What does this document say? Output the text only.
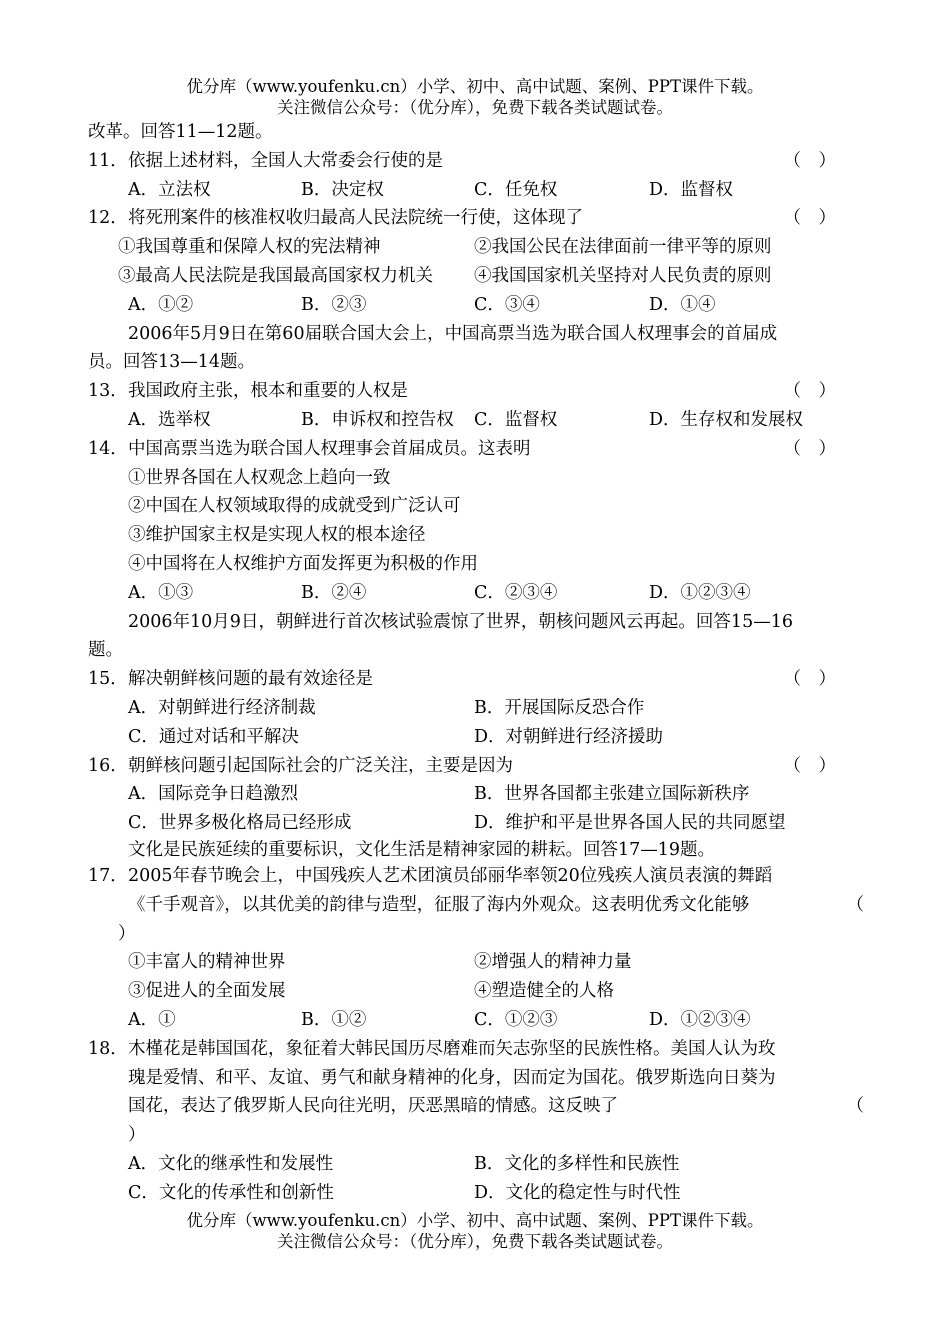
优分库（www.youfenku.cn）小学、初中、高中试题、案例、PPT课件下载。
关注微信公众号：（优分库），免费下载各类试题试卷。
改革。回答11—12题。
11．依据上述材料，全国人大常委会行使的是	（　）
A．立法权	B．决定权	C．任免权	D．监督权
12．将死刑案件的核准权收归最高人民法院统一行使，这体现了	（　）
①我国尊重和保障人权的宪法精神	②我国公民在法律面前一律平等的原则
③最高人民法院是我国最高国家权力机关 ④我国国家机关坚持对人民负责的原则
A．①②	B．②③	C．③④	D．①④
2006年5月9日在第60届联合国大会上，中国高票当选为联合国人权理事会的首届成
员。回答13—14题。
13．我国政府主张，根本和重要的人权是	（　）
A．选举权	B．申诉权和控告权 C．监督权	D．生存权和发展权
14．中国高票当选为联合国人权理事会首届成员。这表明	（　）
①世界各国在人权观念上趋向一致
②中国在人权领域取得的成就受到广泛认可
③维护国家主权是实现人权的根本途径
④中国将在人权维护方面发挥更为积极的作用
A．①③	B．②④	C．②③④	D．①②③④
2006年10月9日，朝鲜进行首次核试验震惊了世界，朝核问题风云再起。回答15—16
题。
15．解决朝鲜核问题的最有效途径是	（　）
A．对朝鲜进行经济制裁	B．开展国际反恐合作
C．通过对话和平解决	D．对朝鲜进行经济援助
16．朝鲜核问题引起国际社会的广泛关注，主要是因为	（　）
A．国际竞争日趋激烈	B．世界各国都主张建立国际新秩序
C．世界多极化格局已经形成	D．维护和平是世界各国人民的共同愿望
文化是民族延续的重要标识，文化生活是精神家园的耕耘。回答17—19题。
17．2005年春节晚会上，中国残疾人艺术团演员邰丽华率领20位残疾人演员表演的舞蹈
《千手观音》，以其优美的韵律与造型，征服了海内外观众。这表明优秀文化能够	（
）
①丰富人的精神世界	②增强人的精神力量
③促进人的全面发展	④塑造健全的人格
A．①	B．①②	C．①②③	D．①②③④
18．木槿花是韩国国花，象征着大韩民国历尽磨难而矢志弥坚的民族性格。美国人认为玫
瑰是爱情、和平、友谊、勇气和献身精神的化身，因而定为国花。俄罗斯选向日葵为
国花，表达了俄罗斯人民向往光明，厌恶黑暗的情感。这反映了	（
）
A．文化的继承性和发展性	B．文化的多样性和民族性
C．文化的传承性和创新性	D．文化的稳定性与时代性
优分库（www.youfenku.cn）小学、初中、高中试题、案例、PPT课件下载。
关注微信公众号：（优分库），免费下载各类试题试卷。
